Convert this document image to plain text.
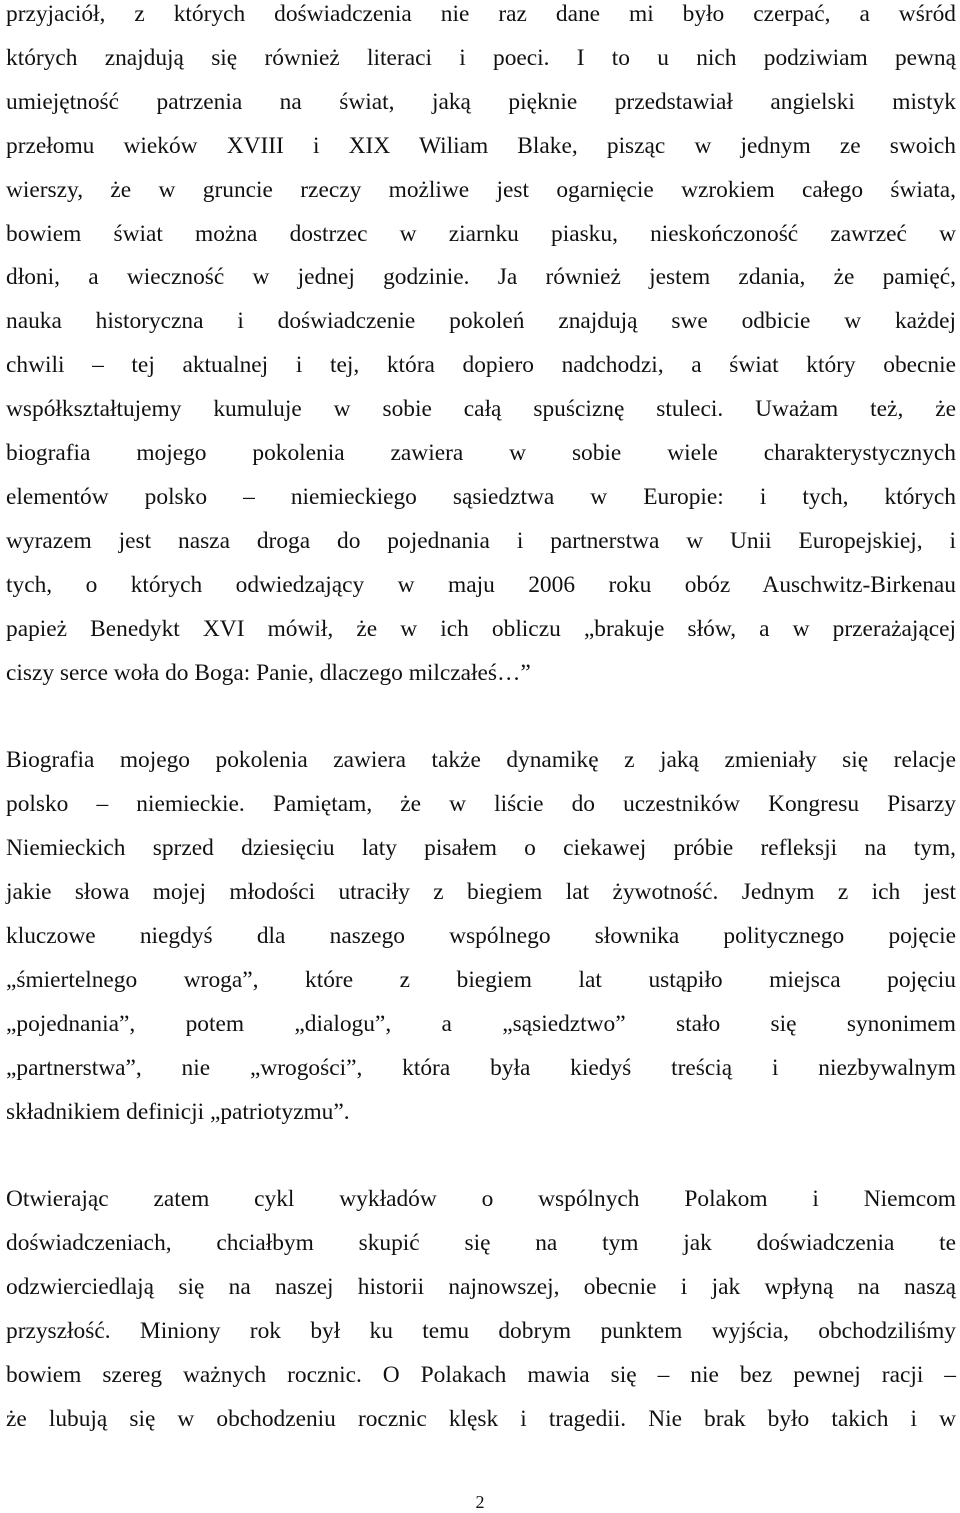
przyjaciół, z których doświadczenia nie raz dane mi było czerpać, a wśród
których znajdują się również literaci i poeci. I to u nich podziwiam pewną
umiejętność patrzenia na świat, jaką pięknie przedstawiał angielski mistyk
przełomu wieków XVIII i XIX Wiliam Blake, pisząc w jednym ze swoich
wierszy, że w gruncie rzeczy możliwe jest ogarnięcie wzrokiem całego świata,
bowiem świat można dostrzec w ziarnku piasku, nieskończoność zawrzeć w
dłoni, a wieczność w jednej godzinie. Ja również jestem zdania, że pamięć,
nauka historyczna i doświadczenie pokoleń znajdują swe odbicie w każdej
chwili – tej aktualnej i tej, która dopiero nadchodzi, a świat który obecnie
współkształtujemy kumuluje w sobie całą spuściznę stuleci. Uważam też, że
biografia mojego pokolenia zawiera w sobie wiele charakterystycznych
elementów polsko – niemieckiego sąsiedztwa w Europie: i tych, których
wyrazem jest nasza droga do pojednania i partnerstwa w Unii Europejskiej, i
tych, o których odwiedzający w maju 2006 roku obóz Auschwitz-Birkenau
papież Benedykt XVI mówił, że w ich obliczu „brakuje słów, a w przerażającej
ciszy serce woła do Boga: Panie, dlaczego milczałeś…”

Biografia mojego pokolenia zawiera także dynamikę z jaką zmieniały się relacje
polsko – niemieckie. Pamiętam, że w liście do uczestników Kongresu Pisarzy
Niemieckich sprzed dziesięciu laty pisałem o ciekawej próbie refleksji na tym,
jakie słowa mojej młodości utraciły z biegiem lat żywotność. Jednym z ich jest
kluczowe niegdyś dla naszego wspólnego słownika politycznego pojęcie
„śmiertelnego wroga”, które z biegiem lat ustąpiło miejsca pojęciu
„pojednania”, potem „dialogu”, a „sąsiedztwo” stało się synonimem
„partnerstwa”, nie „wrogości”, która była kiedyś treścią i niezbywalnym
składnikiem definicji „patriotyzmu”.

Otwierając zatem cykl wykładów o wspólnych Polakom i Niemcom
doświadczeniach, chciałbym skupić się na tym jak doświadczenia te
odzwierciedlają się na naszej historii najnowszej, obecnie i jak wpłyną na naszą
przyszłość. Miniony rok był ku temu dobrym punktem wyjścia, obchodziliśmy
bowiem szereg ważnych rocznic. O Polakach mawia się – nie bez pewnej racji –
że lubują się w obchodzeniu rocznic klęsk i tragedii. Nie brak było takich i w

2
